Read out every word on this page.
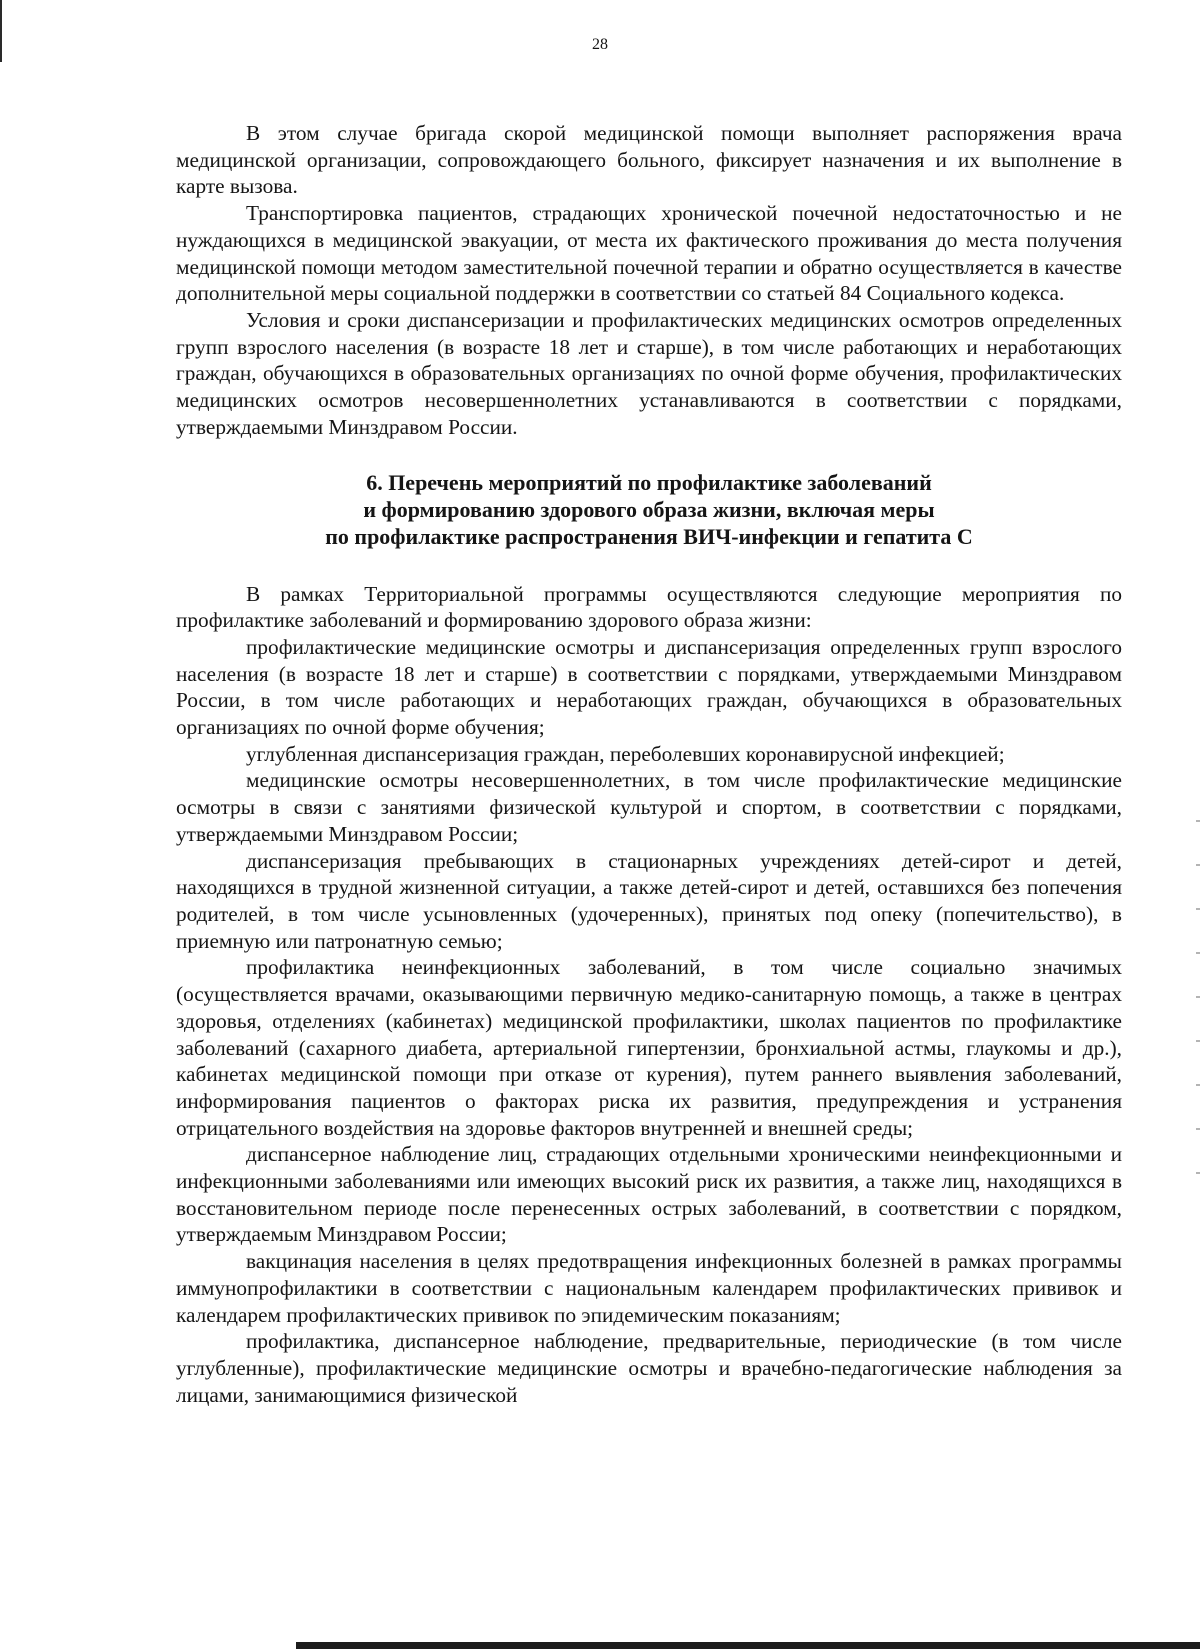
28

В этом случае бригада скорой медицинской помощи выполняет распоряжения врача медицинской организации, сопровождающего больного, фиксирует назначения и их выполнение в карте вызова.

Транспортировка пациентов, страдающих хронической почечной недостаточностью и не нуждающихся в медицинской эвакуации, от места их фактического проживания до места получения медицинской помощи методом заместительной почечной терапии и обратно осуществляется в качестве дополнительной меры социальной поддержки в соответствии со статьей 84 Социального кодекса.

Условия и сроки диспансеризации и профилактических медицинских осмотров определенных групп взрослого населения (в возрасте 18 лет и старше), в том числе работающих и неработающих граждан, обучающихся в образовательных организациях по очной форме обучения, профилактических медицинских осмотров несовершеннолетних устанавливаются в соответствии с порядками, утверждаемыми Минздравом России.

6. Перечень мероприятий по профилактике заболеваний
и формированию здорового образа жизни, включая меры
по профилактике распространения ВИЧ-инфекции и гепатита С

В рамках Территориальной программы осуществляются следующие мероприятия по профилактике заболеваний и формированию здорового образа жизни:

профилактические медицинские осмотры и диспансеризация определенных групп взрослого населения (в возрасте 18 лет и старше) в соответствии с порядками, утверждаемыми Минздравом России, в том числе работающих и неработающих граждан, обучающихся в образовательных организациях по очной форме обучения;

углубленная диспансеризация граждан, переболевших коронавирусной инфекцией;

медицинские осмотры несовершеннолетних, в том числе профилактические медицинские осмотры в связи с занятиями физической культурой и спортом, в соответствии с порядками, утверждаемыми Минздравом России;

диспансеризация пребывающих в стационарных учреждениях детей-сирот и детей, находящихся в трудной жизненной ситуации, а также детей-сирот и детей, оставшихся без попечения родителей, в том числе усыновленных (удочеренных), принятых под опеку (попечительство), в приемную или патронатную семью;

профилактика неинфекционных заболеваний, в том числе социально значимых (осуществляется врачами, оказывающими первичную медико-санитарную помощь, а также в центрах здоровья, отделениях (кабинетах) медицинской профилактики, школах пациентов по профилактике заболеваний (сахарного диабета, артериальной гипертензии, бронхиальной астмы, глаукомы и др.), кабинетах медицинской помощи при отказе от курения), путем раннего выявления заболеваний, информирования пациентов о факторах риска их развития, предупреждения и устранения отрицательного воздействия на здоровье факторов внутренней и внешней среды;

диспансерное наблюдение лиц, страдающих отдельными хроническими неинфекционными и инфекционными заболеваниями или имеющих высокий риск их развития, а также лиц, находящихся в восстановительном периоде после перенесенных острых заболеваний, в соответствии с порядком, утверждаемым Минздравом России;

вакцинация населения в целях предотвращения инфекционных болезней в рамках программы иммунопрофилактики в соответствии с национальным календарем профилактических прививок и календарем профилактических прививок по эпидемическим показаниям;

профилактика, диспансерное наблюдение, предварительные, периодические (в том числе углубленные), профилактические медицинские осмотры и врачебно-педагогические наблюдения за лицами, занимающимися физической
